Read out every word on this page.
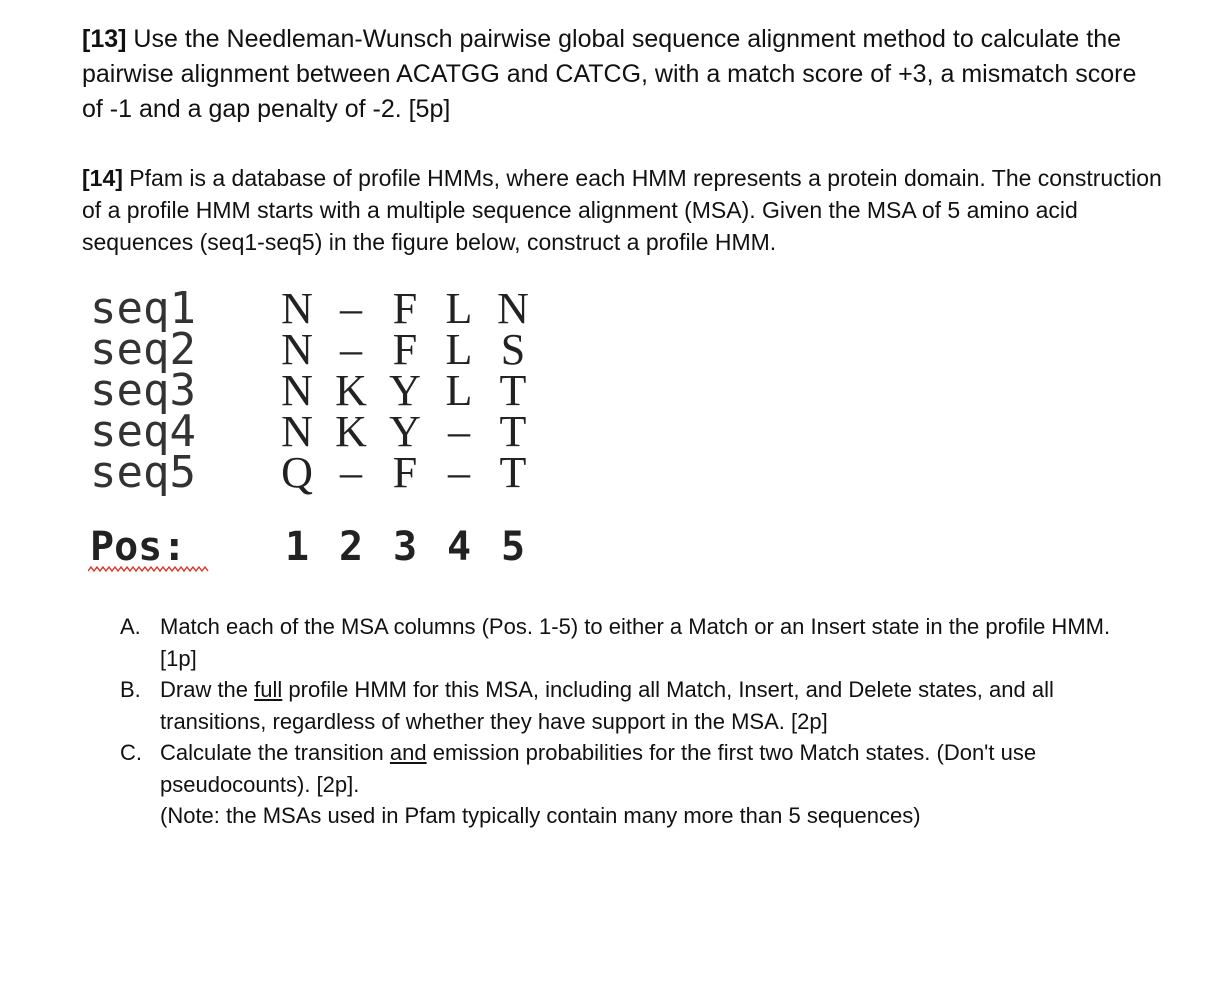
[13] Use the Needleman-Wunsch pairwise global sequence alignment method to calculate the pairwise alignment between ACATGG and CATCG, with a match score of +3, a mismatch score of -1 and a gap penalty of -2. [5p]
[14] Pfam is a database of profile HMMs, where each HMM represents a protein domain. The construction of a profile HMM starts with a multiple sequence alignment (MSA). Given the MSA of 5 amino acid sequences (seq1-seq5) in the figure below, construct a profile HMM.
seq1
seq2
seq3
seq4
seq5
N – F L N
N – F L S
N K Y L T
N K Y – T
Q – F – T
Pos:	1 2 3 4 5
A. Match each of the MSA columns (Pos. 1-5) to either a Match or an Insert state in the profile HMM. [1p]
B. Draw the full profile HMM for this MSA, including all Match, Insert, and Delete states, and all transitions, regardless of whether they have support in the MSA. [2p]
C. Calculate the transition and emission probabilities for the first two Match states. (Don't use pseudocounts). [2p].
(Note: the MSAs used in Pfam typically contain many more than 5 sequences)
